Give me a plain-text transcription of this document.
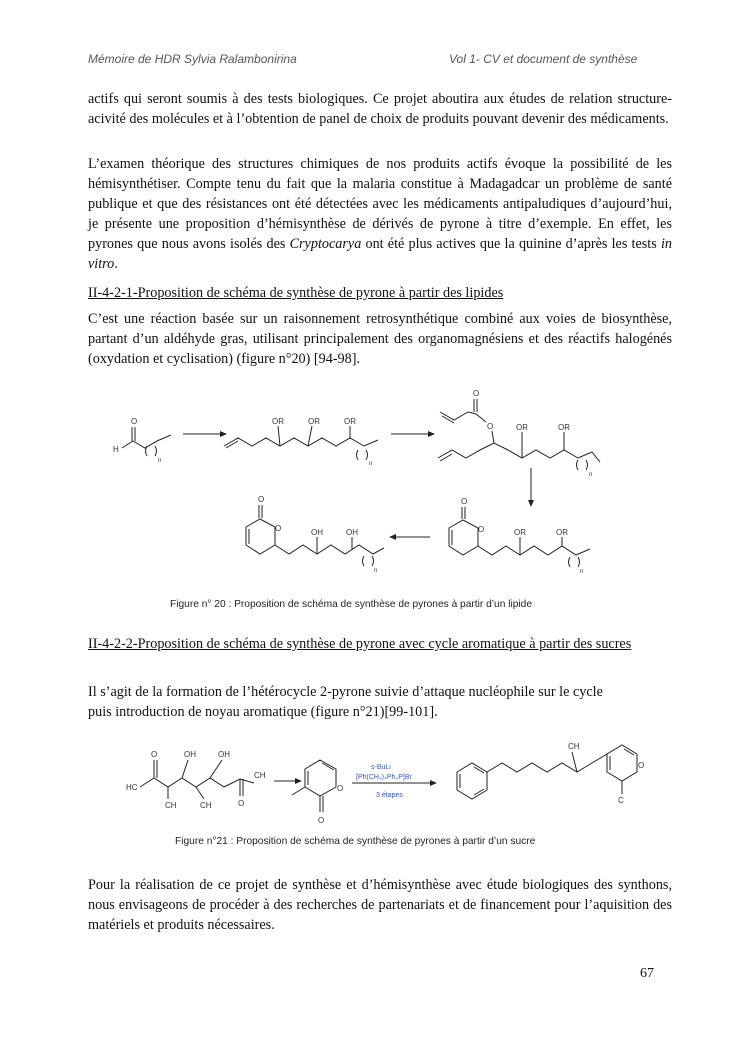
Mémoire de HDR Sylvia Ralambonirina	Vol 1- CV et document de synthèse

actifs qui seront soumis à des tests biologiques. Ce projet aboutira aux études de relation structure-acivité des molécules et à l’obtention de panel de choix de produits pouvant devenir des médicaments.

L’examen théorique des structures chimiques de nos produits actifs évoque la possibilité de les hémisynthétiser. Compte tenu du fait que la malaria constitue à Madagadcar un problème de santé publique et que des résistances ont été détectées avec les médicaments antipaludiques d’aujourd’hui, je présente une proposition d’hémisynthèse de dérivés de pyrone à titre d’exemple. En effet, les pyrones que nous avons isolés des Cryptocarya ont été plus actives que la quinine d’après les tests in vitro.

II-4-2-1-Proposition de schéma de synthèse de pyrone à partir des lipides

C’est une réaction basée sur un raisonnement retrosynthétique combiné aux voies de biosynthèse, partant d’un aldéhyde gras, utilisant principalement des organomagnésiens et des réactifs halogénés (oxydation et cyclisation) (figure n°20) [94-98].

O
H
n
OR	OR	OR
n
O
O	OR	OR
n
O
O	OR	OR
n
O
O	OH	OH
n
Figure n° 20 : Proposition de schéma de synthèse de pyrones à partir d’un lipide

II-4-2-2-Proposition de schéma de synthèse de pyrone avec cycle aromatique à partir des sucres

Il s’agit de la formation de l’hétérocycle 2-pyrone suivie d’attaque nucléophile sur le cycle
puis introduction de noyau aromatique (figure n°21)[99-101].

HC
O
CH
OH
CH
OH
O
CH
O
O
s-BuLi
[Ph(CH₂)₅Ph₃P]Br
3 étapes
CH
O
C
Figure n°21 : Proposition de schéma de synthèse de pyrones à partir d’un sucre

Pour la réalisation de ce projet de synthèse et d’hémisynthèse avec étude biologiques des synthons, nous envisageons de procéder à des recherches de partenariats et de financement pour l’aquisition des matériels et produits nécessaires.

67
